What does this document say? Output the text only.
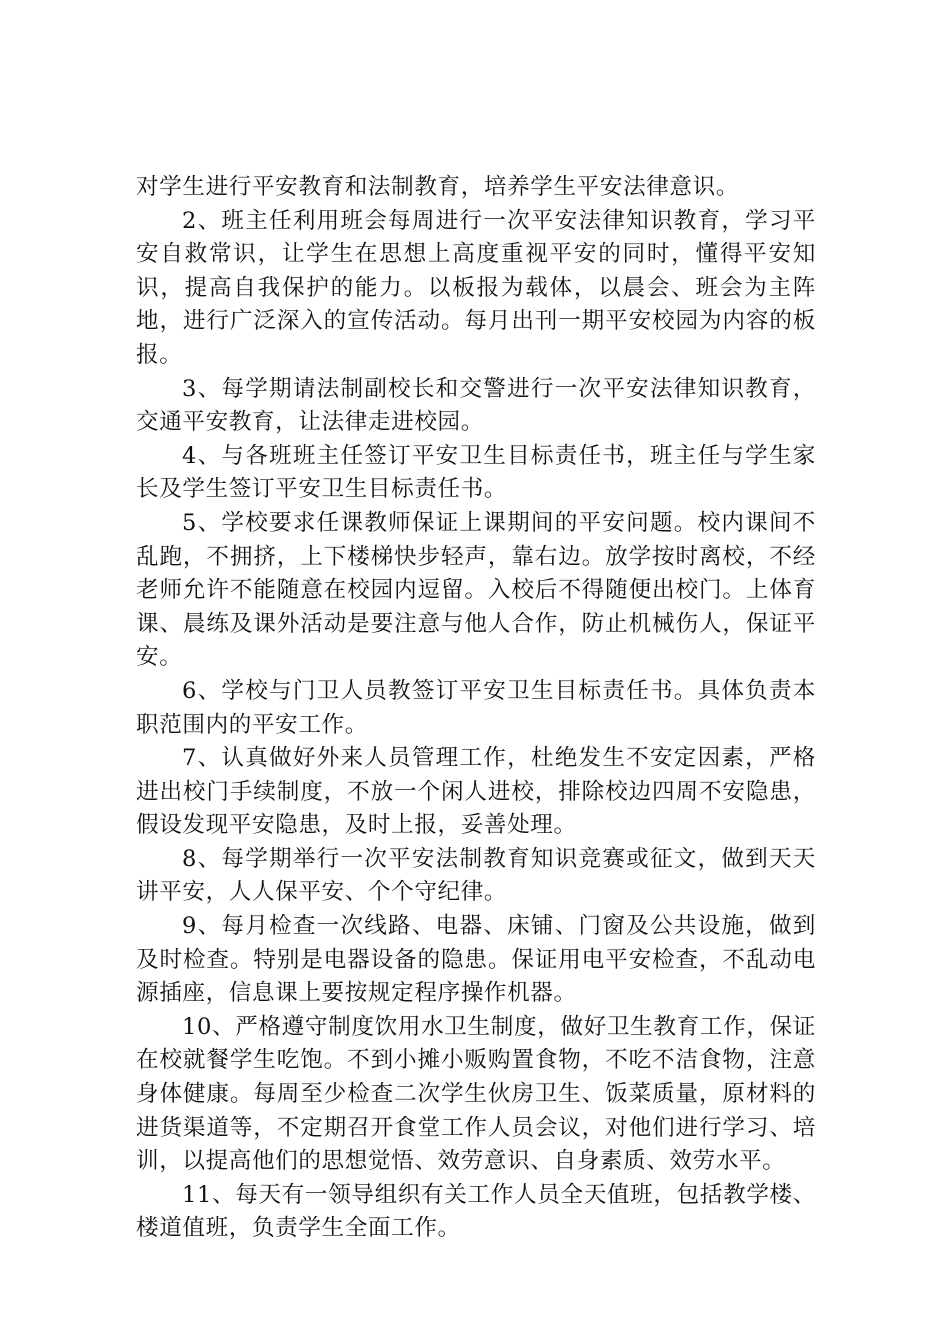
对学生进行平安教育和法制教育，培养学生平安法律意识。

2、班主任利用班会每周进行一次平安法律知识教育，学习平安自救常识，让学生在思想上高度重视平安的同时，懂得平安知识，提高自我保护的能力。以板报为载体，以晨会、班会为主阵地，进行广泛深入的宣传活动。每月出刊一期平安校园为内容的板报。

3、每学期请法制副校长和交警进行一次平安法律知识教育，交通平安教育，让法律走进校园。

4、与各班班主任签订平安卫生目标责任书，班主任与学生家长及学生签订平安卫生目标责任书。

5、学校要求任课教师保证上课期间的平安问题。校内课间不乱跑，不拥挤，上下楼梯快步轻声，靠右边。放学按时离校，不经老师允许不能随意在校园内逗留。入校后不得随便出校门。上体育课、晨练及课外活动是要注意与他人合作，防止机械伤人，保证平安。

6、学校与门卫人员教签订平安卫生目标责任书。具体负责本职范围内的平安工作。

7、认真做好外来人员管理工作，杜绝发生不安定因素，严格进出校门手续制度，不放一个闲人进校，排除校边四周不安隐患，假设发现平安隐患，及时上报，妥善处理。

8、每学期举行一次平安法制教育知识竞赛或征文，做到天天讲平安，人人保平安、个个守纪律。

9、每月检查一次线路、电器、床铺、门窗及公共设施，做到及时检查。特别是电器设备的隐患。保证用电平安检查，不乱动电源插座，信息课上要按规定程序操作机器。

10、严格遵守制度饮用水卫生制度，做好卫生教育工作，保证在校就餐学生吃饱。不到小摊小贩购置食物，不吃不洁食物，注意身体健康。每周至少检查二次学生伙房卫生、饭菜质量，原材料的进货渠道等，不定期召开食堂工作人员会议，对他们进行学习、培训，以提高他们的思想觉悟、效劳意识、自身素质、效劳水平。

11、每天有一领导组织有关工作人员全天值班，包括教学楼、楼道值班，负责学生全面工作。
